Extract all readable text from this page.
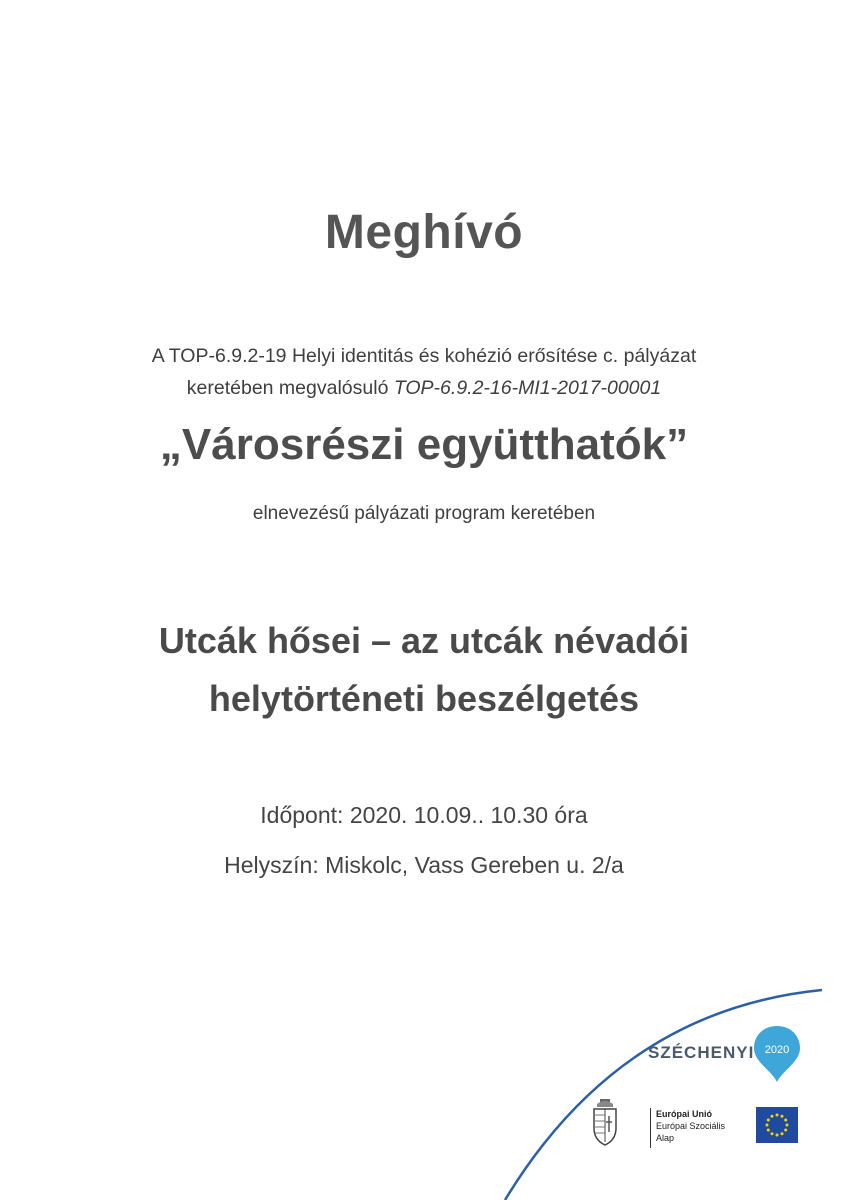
Meghívó
A TOP-6.9.2-19 Helyi identitás és kohézió erősítése c. pályázat
keretében megvalósuló TOP-6.9.2-16-MI1-2017-00001
„Városrészi együtthatók”
elnevezésű pályázati program keretében
Utcák hősei – az utcák névadói
helytörténeti beszélgetés
Időpont: 2020. 10.09.. 10.30 óra
Helyszín: Miskolc, Vass Gereben u. 2/a
SZÉCHENYI 2020
Európai Unió
Európai Szociális
Alap
